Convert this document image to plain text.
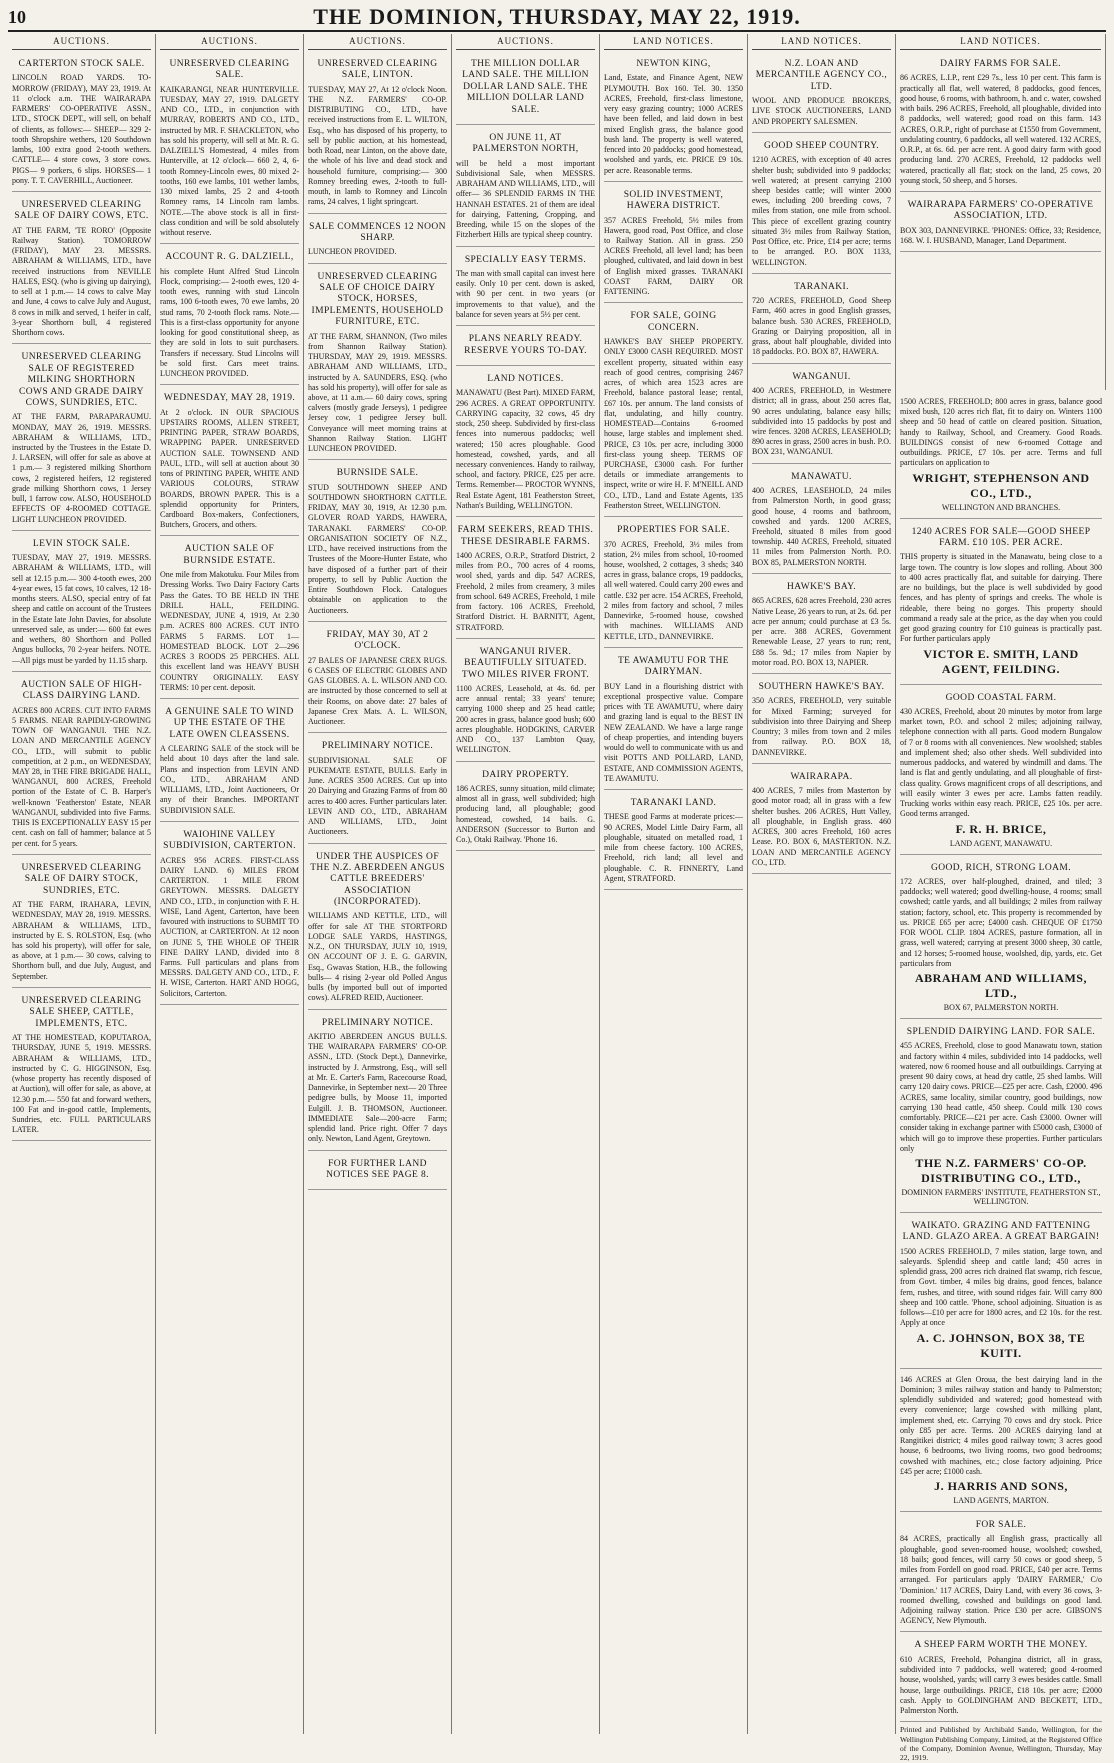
10	THE DOMINION, THURSDAY, MAY 22, 1919.
AUCTIONS.
CARTERTON STOCK SALE.

LINCOLN ROAD YARDS. TO-MORROW (FRIDAY), MAY 23, 1919. At 11 o'clock a.m. THE WAIRARAPA FARMERS' CO-OPERATIVE ASSN., LTD., STOCK DEPT., will sell, on behalf of clients, as follows:— SHEEP— 329 2-tooth Shropshire wethers, 120 Southdown lambs, 100 extra good 2-tooth wethers. CATTLE— 4 store cows, 3 store cows. PIGS— 9 porkers, 6 slips. HORSES— 1 pony. T. T. CAVERHILL, Auctioneer.

UNRESERVED CLEARING SALE OF DAIRY COWS, ETC.

AT THE FARM, 'TE RORO' (Opposite Railway Station). TOMORROW (FRIDAY), MAY 23. MESSRS. ABRAHAM & WILLIAMS, LTD., have received instructions from NEVILLE HALES, ESQ. (who is giving up dairying), to sell at 1 p.m.— 14 cows to calve May and June, 4 cows to calve July and August, 8 cows in milk and served, 1 heifer in calf, 3-year Shorthorn bull, 4 registered Shorthorn cows.

UNRESERVED CLEARING SALE OF REGISTERED MILKING SHORTHORN COWS AND GRADE DAIRY COWS, SUNDRIES, ETC.

AT THE FARM, PARAPARAUMU. MONDAY, MAY 26, 1919. MESSRS. ABRAHAM & WILLIAMS, LTD., instructed by the Trustees in the Estate D. J. LARSEN, will offer for sale as above at 1 p.m.— 3 registered milking Shorthorn cows, 2 registered heifers, 12 registered grade milking Shorthorn cows, 1 Jersey bull, 1 farrow cow. ALSO, HOUSEHOLD EFFECTS OF 4-ROOMED COTTAGE. LIGHT LUNCHEON PROVIDED.

LEVIN STOCK SALE.

TUESDAY, MAY 27, 1919. MESSRS. ABRAHAM & WILLIAMS, LTD., will sell at 12.15 p.m.— 300 4-tooth ewes, 200 4-year ewes, 15 fat cows, 10 calves, 12 18-months steers. ALSO, special entry of fat sheep and cattle on account of the Trustees in the Estate late John Davies, for absolute unreserved sale, as under:— 600 fat ewes and wethers, 80 Shorthorn and Polled Angus bullocks, 70 2-year heifers. NOTE.—All pigs must be yarded by 11.15 sharp.

AUCTION SALE OF HIGH-CLASS DAIRYING LAND.

ACRES 800 ACRES. CUT INTO FARMS 5 FARMS. NEAR RAPIDLY-GROWING TOWN OF WANGANUI. THE N.Z. LOAN AND MERCANTILE AGENCY CO., LTD., will submit to public competition, at 2 p.m., on WEDNESDAY, MAY 28, in THE FIRE BRIGADE HALL, WANGANUI, 800 ACRES, Freehold portion of the Estate of C. B. Harper's well-known 'Featherston' Estate, NEAR WANGANUI, subdivided into five Farms. THIS IS EXCEPTIONALLY EASY 15 per cent. cash on fall of hammer; balance at 5 per cent. for 5 years.

UNRESERVED CLEARING SALE OF DAIRY STOCK, SUNDRIES, ETC.

AT THE FARM, IRAHARA, LEVIN, WEDNESDAY, MAY 28, 1919. MESSRS. ABRAHAM & WILLIAMS, LTD., instructed by E. S. ROLSTON, Esq. (who has sold his property), will offer for sale, as above, at 1 p.m.— 30 cows, calving to Shorthorn bull, and due July, August, and September.

UNRESERVED CLEARING SALE SHEEP, CATTLE, IMPLEMENTS, ETC.

AT THE HOMESTEAD, KOPUTAROA, THURSDAY, JUNE 5, 1919. MESSRS. ABRAHAM & WILLIAMS, LTD., instructed by C. G. HIGGINSON, Esq. (whose property has recently disposed of at Auction), will offer for sale, as above, at 12.30 p.m.— 550 fat and forward wethers, 100 Fat and in-good cattle, Implements, Sundries, etc. FULL PARTICULARS LATER.

AUCTIONS.
UNRESERVED CLEARING SALE.

KAIKARANGI, NEAR HUNTERVILLE. TUESDAY, MAY 27, 1919. DALGETY AND CO., LTD., in conjunction with MURRAY, ROBERTS AND CO., LTD., instructed by MR. F. SHACKLETON, who has sold his property, will sell at Mr. R. G. DALZIELL'S Homestead, 4 miles from Hunterville, at 12 o'clock— 660 2, 4, 6-tooth Romney-Lincoln ewes, 80 mixed 2-tooths, 160 ewe lambs, 101 wether lambs, 130 mixed lambs, 25 2 and 4-tooth Romney rams, 14 Lincoln ram lambs. NOTE.—The above stock is all in first-class condition and will be sold absolutely without reserve.

ACCOUNT R. G. DALZIELL,

his complete Hunt Alfred Stud Lincoln Flock, comprising:— 2-tooth ewes, 120 4-tooth ewes, running with stud Lincoln rams, 100 6-tooth ewes, 70 ewe lambs, 20 stud rams, 70 2-tooth flock rams. Note.—This is a first-class opportunity for anyone looking for good constitutional sheep, as they are sold in lots to suit purchasers. Transfers if necessary. Stud Lincolns will be sold first. Cars meet trains. LUNCHEON PROVIDED.

WEDNESDAY, MAY 28, 1919.

At 2 o'clock. IN OUR SPACIOUS UPSTAIRS ROOMS, ALLEN STREET, PRINTING PAPER, STRAW BOARDS, WRAPPING PAPER. UNRESERVED AUCTION SALE. TOWNSEND AND PAUL, LTD., will sell at auction about 30 tons of PRINTING PAPER, WHITE AND VARIOUS COLOURS, STRAW BOARDS, BROWN PAPER. This is a splendid opportunity for Printers, Cardboard Box-makers, Confectioners, Butchers, Grocers, and others.

AUCTION SALE OF BURNSIDE ESTATE.

One mile from Makotuku. Four Miles from Dressing Works. Two Dairy Factory Carts Pass the Gates. TO BE HELD IN THE DRILL HALL, FEILDING. WEDNESDAY, JUNE 4, 1919, At 2.30 p.m. ACRES 800 ACRES. CUT INTO FARMS 5 FARMS. LOT 1—HOMESTEAD BLOCK. LOT 2—296 ACRES 3 ROODS 25 PERCHES. ALL this excellent land was HEAVY BUSH COUNTRY ORIGINALLY. EASY TERMS: 10 per cent. deposit.

A GENUINE SALE TO WIND UP THE ESTATE OF THE LATE OWEN CLEASSENS.

A CLEARING SALE of the stock will be held about 10 days after the land sale. Plans and inspection from LEVIN AND CO., LTD., ABRAHAM AND WILLIAMS, LTD., Joint Auctioneers, Or any of their Branches. IMPORTANT SUBDIVISION SALE.

WAIOHINE VALLEY SUBDIVISION, CARTERTON.

ACRES 956 ACRES. FIRST-CLASS DAIRY LAND. 6) MILES FROM CARTERTON. 1 MILE FROM GREYTOWN. MESSRS. DALGETY AND CO., LTD., in conjunction with F. H. WISE, Land Agent, Carterton, have been favoured with instructions to SUBMIT TO AUCTION, at CARTERTON. At 12 noon on JUNE 5, THE WHOLE OF THEIR FINE DAIRY LAND, divided into 8 Farms. Full particulars and plans from MESSRS. DALGETY AND CO., LTD., F. H. WISE, Carterton. HART AND HOGG, Solicitors, Carterton.

AUCTIONS.
UNRESERVED CLEARING SALE, LINTON.

TUESDAY, MAY 27, At 12 o'clock Noon. THE N.Z. FARMERS' CO-OP. DISTRIBUTING CO., LTD., have received instructions from E. L. WILTON, Esq., who has disposed of his property, to sell by public auction, at his homestead, both Road, near Linton, on the above date, the whole of his live and dead stock and household furniture, comprising:— 300 Romney breeding ewes, 2-tooth to full-mouth, in lamb to Romney and Lincoln rams, 24 calves, 1 light springcart.

SALE COMMENCES 12 NOON SHARP.

LUNCHEON PROVIDED.

UNRESERVED CLEARING SALE OF CHOICE DAIRY STOCK, HORSES, IMPLEMENTS, HOUSEHOLD FURNITURE, ETC.

AT THE FARM, SHANNON, (Two miles from Shannon Railway Station). THURSDAY, MAY 29, 1919. MESSRS. ABRAHAM AND WILLIAMS, LTD., instructed by A. SAUNDERS, ESQ. (who has sold his property), will offer for sale as above, at 11 a.m.— 60 dairy cows, spring calvers (mostly grade Jerseys), 1 pedigree Jersey cow, 1 pedigree Jersey bull. Conveyance will meet morning trains at Shannon Railway Station. LIGHT LUNCHEON PROVIDED.

BURNSIDE SALE.

STUD SOUTHDOWN SHEEP AND SOUTHDOWN SHORTHORN CATTLE. FRIDAY, MAY 30, 1919, At 12.30 p.m. GLOVER ROAD YARDS, HAWERA, TARANAKI. FARMERS' CO-OP. ORGANISATION SOCIETY OF N.Z., LTD., have received instructions from the Trustees of the Moore-Hunter Estate, who have disposed of a further part of their property, to sell by Public Auction the Entire Southdown Flock. Catalogues obtainable on application to the Auctioneers.

FRIDAY, MAY 30, AT 2 O'CLOCK.

27 BALES OF JAPANESE CREX RUGS. 6 CASES OF ELECTRIC GLOBES AND GAS GLOBES. A. L. WILSON AND CO. are instructed by those concerned to sell at their Rooms, on above date: 27 bales of Japanese Crex Mats. A. L. WILSON, Auctioneer.

PRELIMINARY NOTICE.

SUBDIVISIONAL SALE OF PUKEMATE ESTATE, BULLS. Early in June. ACRES 3500 ACRES. Cut up into 20 Dairying and Grazing Farms of from 80 acres to 400 acres. Further particulars later. LEVIN AND CO., LTD., ABRAHAM AND WILLIAMS, LTD., Joint Auctioneers.

UNDER THE AUSPICES OF THE N.Z. ABERDEEN ANGUS CATTLE BREEDERS' ASSOCIATION (INCORPORATED).

WILLIAMS AND KETTLE, LTD., will offer for sale AT THE STORTFORD LODGE SALE YARDS, HASTINGS, N.Z., ON THURSDAY, JULY 10, 1919, ON ACCOUNT OF J. E. G. GARVIN, Esq., Gwavas Station, H.B., the following bulls— 4 rising 2-year old Polled Angus bulls (by imported bull out of imported cows). ALFRED REID, Auctioneer.

PRELIMINARY NOTICE.

AKITIO ABERDEEN ANGUS BULLS. THE WAIRARAPA FARMERS' CO-OP. ASSN., LTD. (Stock Dept.), Dannevirke, instructed by J. Armstrong, Esq., will sell at Mr. E. Carter's Farm, Racecourse Road, Dannevirke, in September next— 20 Three pedigree bulls, by Moose 11, imported Eulgill. J. B. THOMSON, Auctioneer. IMMEDIATE Sale—200-acre Farm; splendid land. Price right. Offer 7 days only. Newton, Land Agent, Greytown.

FOR FURTHER LAND NOTICES SEE PAGE 8.
AUCTIONS.
THE MILLION DOLLAR LAND SALE. THE MILLION DOLLAR LAND SALE. THE MILLION DOLLAR LAND SALE.
ON JUNE 11, AT PALMERSTON NORTH,

will be held a most important Subdivisional Sale, when MESSRS. ABRAHAM AND WILLIAMS, LTD., will offer— 36 SPLENDID FARMS IN THE HANNAH ESTATES. 21 of them are ideal for dairying, Fattening, Cropping, and Breeding, while 15 on the slopes of the Fitzherbert Hills are typical sheep country.

SPECIALLY EASY TERMS.

The man with small capital can invest here easily. Only 10 per cent. down is asked, with 90 per cent. in two years (or improvements to that value), and the balance for seven years at 5½ per cent.

PLANS NEARLY READY. RESERVE YOURS TO-DAY.
LAND NOTICES.

MANAWATU (Best Part). MIXED FARM, 296 ACRES. A GREAT OPPORTUNITY. CARRYING capacity, 32 cows, 45 dry stock, 250 sheep. Subdivided by first-class fences into numerous paddocks; well watered; 150 acres ploughable. Good homestead, cowshed, yards, and all necessary conveniences. Handy to railway, school, and factory. PRICE, £25 per acre. Terms. Remember— PROCTOR WYNNS, Real Estate Agent, 181 Featherston Street, Nathan's Building, WELLINGTON.

FARM SEEKERS, READ THIS. THESE DESIRABLE FARMS.

1400 ACRES, O.R.P., Stratford District, 2 miles from P.O., 700 acres of 4 rooms, wool shed, yards and dip. 547 ACRES, Freehold, 2 miles from creamery, 3 miles from school. 649 ACRES, Freehold, 1 mile from factory. 106 ACRES, Freehold, Stratford District. H. BARNITT, Agent, STRATFORD.

WANGANUI RIVER. BEAUTIFULLY SITUATED. TWO MILES RIVER FRONT.

1100 ACRES, Leasehold, at 4s. 6d. per acre annual rental; 33 years' tenure; carrying 1000 sheep and 25 head cattle; 200 acres in grass, balance good bush; 600 acres ploughable. HODGKINS, CARVER AND CO., 137 Lambton Quay, WELLINGTON.

DAIRY PROPERTY.

186 ACRES, sunny situation, mild climate; almost all in grass, well subdivided; high producing land, all ploughable; good homestead, cowshed, 14 bails. G. ANDERSON (Successor to Burton and Co.), Otaki Railway. 'Phone 16.

LAND NOTICES.
NEWTON KING,

Land, Estate, and Finance Agent, NEW PLYMOUTH. Box 160. Tel. 30. 1350 ACRES, Freehold, first-class limestone, very easy grazing country; 1000 ACRES have been felled, and laid down in best mixed English grass, the balance good bush land. The property is well watered, fenced into 20 paddocks; good homestead, woolshed and yards, etc. PRICE £9 10s. per acre. Reasonable terms.

SOLID INVESTMENT, HAWERA DISTRICT.

357 ACRES Freehold, 5½ miles from Hawera, good road, Post Office, and close to Railway Station. All in grass. 250 ACRES Freehold, all level land; has been ploughed, cultivated, and laid down in best of English mixed grasses. TARANAKI COAST FARM, DAIRY OR FATTENING.

FOR SALE, GOING CONCERN.

HAWKE'S BAY SHEEP PROPERTY. ONLY £3000 CASH REQUIRED. MOST excellent property, situated within easy reach of good centres, comprising 2467 acres, of which area 1523 acres are Freehold, balance pastoral lease; rental, £67 10s. per annum. The land consists of flat, undulating, and hilly country. HOMESTEAD—Contains 6-roomed house, large stables and implement shed. PRICE, £3 10s. per acre, including 3000 first-class young sheep. TERMS OF PURCHASE, £3000 cash. For further details or immediate arrangements to inspect, write or wire H. F. M'NEILL AND CO., LTD., Land and Estate Agents, 135 Featherston Street, WELLINGTON.

PROPERTIES FOR SALE.

370 ACRES, Freehold, 3½ miles from station, 2½ miles from school, 10-roomed house, woolshed, 2 cottages, 3 sheds; 340 acres in grass, balance crops, 19 paddocks, all well watered. Could carry 200 ewes and cattle. £32 per acre. 154 ACRES, Freehold, 2 miles from factory and school, 7 miles Dannevirke, 5-roomed house, cowshed with machines. WILLIAMS AND KETTLE, LTD., DANNEVIRKE.

TE AWAMUTU FOR THE DAIRYMAN.

BUY Land in a flourishing district with exceptional prospective value. Compare prices with TE AWAMUTU, where dairy and grazing land is equal to the BEST IN NEW ZEALAND. We have a large range of cheap properties, and intending buyers would do well to communicate with us and visit POTTS AND POLLARD, LAND, ESTATE, AND COMMISSION AGENTS, TE AWAMUTU.

TARANAKI LAND.

THESE good Farms at moderate prices:— 90 ACRES, Model Little Dairy Farm, all ploughable, situated on metalled road, 1 mile from cheese factory. 100 ACRES, Freehold, rich land; all level and ploughable. C. R. FINNERTY, Land Agent, STRATFORD.

LAND NOTICES.
N.Z. LOAN AND MERCANTILE AGENCY CO., LTD.

WOOL AND PRODUCE BROKERS, LIVE STOCK AUCTIONEERS, LAND AND PROPERTY SALESMEN.

GOOD SHEEP COUNTRY.

1210 ACRES, with exception of 40 acres shelter bush; subdivided into 9 paddocks; well watered; at present carrying 2100 sheep besides cattle; will winter 2000 ewes, including 200 breeding cows, 7 miles from station, one mile from school. This piece of excellent grazing country situated 3½ miles from Railway Station, Post Office, etc. Price, £14 per acre; terms to be arranged. P.O. BOX 1133, WELLINGTON.

TARANAKI.

720 ACRES, FREEHOLD, Good Sheep Farm, 460 acres in good English grasses, balance bush. 530 ACRES, FREEHOLD, Grazing or Dairying proposition, all in grass, about half ploughable, divided into 18 paddocks. P.O. BOX 87, HAWERA.

WANGANUI.

400 ACRES, FREEHOLD, in Westmere district; all in grass, about 250 acres flat, 90 acres undulating, balance easy hills; subdivided into 15 paddocks by post and wire fences. 3208 ACRES, LEASEHOLD; 890 acres in grass, 2500 acres in bush. P.O. BOX 231, WANGANUI.

MANAWATU.

400 ACRES, LEASEHOLD, 24 miles from Palmerston North, in good grass; good house, 4 rooms and bathroom, cowshed and yards. 1200 ACRES, Freehold, situated 8 miles from good township. 440 ACRES, Freehold, situated 11 miles from Palmerston North. P.O. BOX 85, PALMERSTON NORTH.

HAWKE'S BAY.

865 ACRES, 628 acres Freehold, 230 acres Native Lease, 26 years to run, at 2s. 6d. per acre per annum; could purchase at £3 5s. per acre. 388 ACRES, Government Renewable Lease, 27 years to run; rent, £88 5s. 9d.; 17 miles from Napier by motor road. P.O. BOX 13, NAPIER.

SOUTHERN HAWKE'S BAY.

350 ACRES, FREEHOLD, very suitable for Mixed Farming; surveyed for subdivision into three Dairying and Sheep Country; 3 miles from town and 2 miles from railway. P.O. BOX 18, DANNEVIRKE.

WAIRARAPA.

400 ACRES, 7 miles from Masterton by good motor road; all in grass with a few shelter bushes. 206 ACRES, Hutt Valley, all ploughable, in English grass. 460 ACRES, 300 acres Freehold, 160 acres Lease. P.O. BOX 6, MASTERTON. N.Z. LOAN AND MERCANTILE AGENCY CO., LTD.

LAND NOTICES.
DAIRY FARMS FOR SALE.

86 ACRES, L.I.P., rent £29 7s., less 10 per cent. This farm is practically all flat, well watered, 8 paddocks, good fences, good house, 6 rooms, with bathroom, h. and c. water, cowshed with bails. 296 ACRES, Freehold, all ploughable, divided into 8 paddocks, well watered; good road on this farm. 143 ACRES, O.R.P., right of purchase at £1550 from Government, undulating country, 6 paddocks, all well watered. 132 ACRES, O.R.P., at 6s. 6d. per acre rent. A good dairy farm with good producing land. 270 ACRES, Freehold, 12 paddocks well watered, practically all flat; stock on the land, 25 cows, 20 young stock, 50 sheep, and 5 horses.

WAIRARAPA FARMERS' CO-OPERATIVE ASSOCIATION, LTD.

BOX 303, DANNEVIRKE. 'PHONES: Office, 33; Residence, 168. W. I. HUSBAND, Manager, Land Department.

1500 ACRES, FREEHOLD; 800 acres in grass, balance good mixed bush, 120 acres rich flat, fit to dairy on. Winters 1100 sheep and 50 head of cattle on cleared position. Situation, handy to Railway, School, and Creamery. Good Roads. BUILDINGS consist of new 6-roomed Cottage and outbuildings. PRICE, £7 10s. per acre. Terms and full particulars on application to

WRIGHT, STEPHENSON AND CO., LTD.,
WELLINGTON AND BRANCHES.
1240 ACRES FOR SALE—GOOD SHEEP FARM. £10 10S. PER ACRE.

THIS property is situated in the Manawatu, being close to a large town. The country is low slopes and rolling. About 300 to 400 acres practically flat, and suitable for dairying. There are no buildings, but the place is well subdivided by good fences, and has plenty of springs and creeks. The whole is rideable, there being no gorges. This property should command a ready sale at the price, as the day when you could get good grazing country for £10 guineas is practically past. For further particulars apply

VICTOR E. SMITH, LAND AGENT, FEILDING.
GOOD COASTAL FARM.

430 ACRES, Freehold, about 20 minutes by motor from large market town, P.O. and school 2 miles; adjoining railway, telephone connection with all parts. Good modern Bungalow of 7 or 8 rooms with all conveniences. New woolshed; stables and implement shed; also other sheds. Well subdivided into numerous paddocks, and watered by windmill and dams. The land is flat and gently undulating, and all ploughable of first-class quality. Grows magnificent crops of all descriptions, and will easily winter 3 ewes per acre. Lambs fatten readily. Trucking works within easy reach. PRICE, £25 10s. per acre. Good terms arranged.

F. R. H. BRICE,
LAND AGENT, MANAWATU.
GOOD, RICH, STRONG LOAM.

172 ACRES, over half-ploughed, drained, and tiled; 3 paddocks; well watered; good dwelling-house, 4 rooms; small cowshed; cattle yards, and all buildings; 2 miles from railway station; factory, school, etc. This property is recommended by us. PRICE £65 per acre; £4000 cash. CHEQUE OF £1750 FOR WOOL CLIP. 1804 ACRES, pasture formation, all in grass, well watered; carrying at present 3000 sheep, 30 cattle, and 12 horses; 5-roomed house, woolshed, dip, yards, etc. Get particulars from

ABRAHAM AND WILLIAMS, LTD.,
BOX 67, PALMERSTON NORTH.
SPLENDID DAIRYING LAND. FOR SALE.

455 ACRES, Freehold, close to good Manawatu town, station and factory within 4 miles, subdivided into 14 paddocks, well watered, now 6 roomed house and all outbuildings. Carrying at present 90 dairy cows, at head dry cattle, 25 shed lambs. Will carry 120 dairy cows. PRICE—£25 per acre. Cash, £2000. 496 ACRES, same locality, similar country, good buildings, now carrying 130 head cattle, 450 sheep. Could milk 130 cows comfortably. PRICE—£21 per acre. Cash £3000. Owner will consider taking in exchange partner with £5000 cash, £3000 of which will go to improve these properties. Further particulars only

THE N.Z. FARMERS' CO-OP. DISTRIBUTING CO., LTD.,
DOMINION FARMERS' INSTITUTE, FEATHERSTON ST., WELLINGTON.
WAIKATO. GRAZING AND FATTENING LAND. GLAZO AREA. A GREAT BARGAIN!

1500 ACRES FREEHOLD, 7 miles station, large town, and saleyards. Splendid sheep and cattle land; 450 acres in splendid grass, 200 acres rich drained flat swamp, rich fescue, from Govt. timber, 4 miles big drains, good fences, balance fern, rushes, and titree, with sound ridges fair. Will carry 800 sheep and 100 cattle. 'Phone, school adjoining. Situation is as follows—£10 per acre for 1800 acres, and £2 10s. for the rest. Apply at once

A. C. JOHNSON, BOX 38, TE KUITI.

146 ACRES at Glen Oroua, the best dairying land in the Dominion; 3 miles railway station and handy to Palmerston; splendidly subdivided and watered; good homestead with every convenience; large cowshed with milking plant, implement shed, etc. Carrying 70 cows and dry stock. Price only £85 per acre. Terms. 200 ACRES dairying land at Rangitikei district; 4 miles good railway town; 3 acres good house, 6 bedrooms, two living rooms, two good bedrooms; cowshed with machines, etc.; close factory adjoining. Price £45 per acre; £1000 cash.

J. HARRIS AND SONS,
LAND AGENTS, MARTON.
FOR SALE.

84 ACRES, practically all English grass, practically all ploughable, good seven-roomed house, woolshed; cowshed, 18 bails; good fences, will carry 50 cows or good sheep, 5 miles from Fordell on good road. PRICE, £40 per acre. Terms arranged. For particulars apply 'DAIRY FARMER,' C/o 'Dominion.' 117 ACRES, Dairy Land, with every 36 cows, 3-roomed dwelling, cowshed and buildings on good land. Adjoining railway station. Price £30 per acre. GIBSON'S AGENCY, New Plymouth.

A SHEEP FARM WORTH THE MONEY.

610 ACRES, Freehold, Pohangina district, all in grass, subdivided into 7 paddocks, well watered; good 4-roomed house, woolshed, yards; will carry 3 ewes besides cattle. Small house, large outbuildings. PRICE, £18 10s. per acre; £2000 cash. Apply to GOLDINGHAM AND BECKETT, LTD., Palmerston North.

Printed and Published by Archibald Sando, Wellington, for the Wellington Publishing Company, Limited, at the Registered Office of the Company, Dominion Avenue, Wellington, Thursday, May 22, 1919.
